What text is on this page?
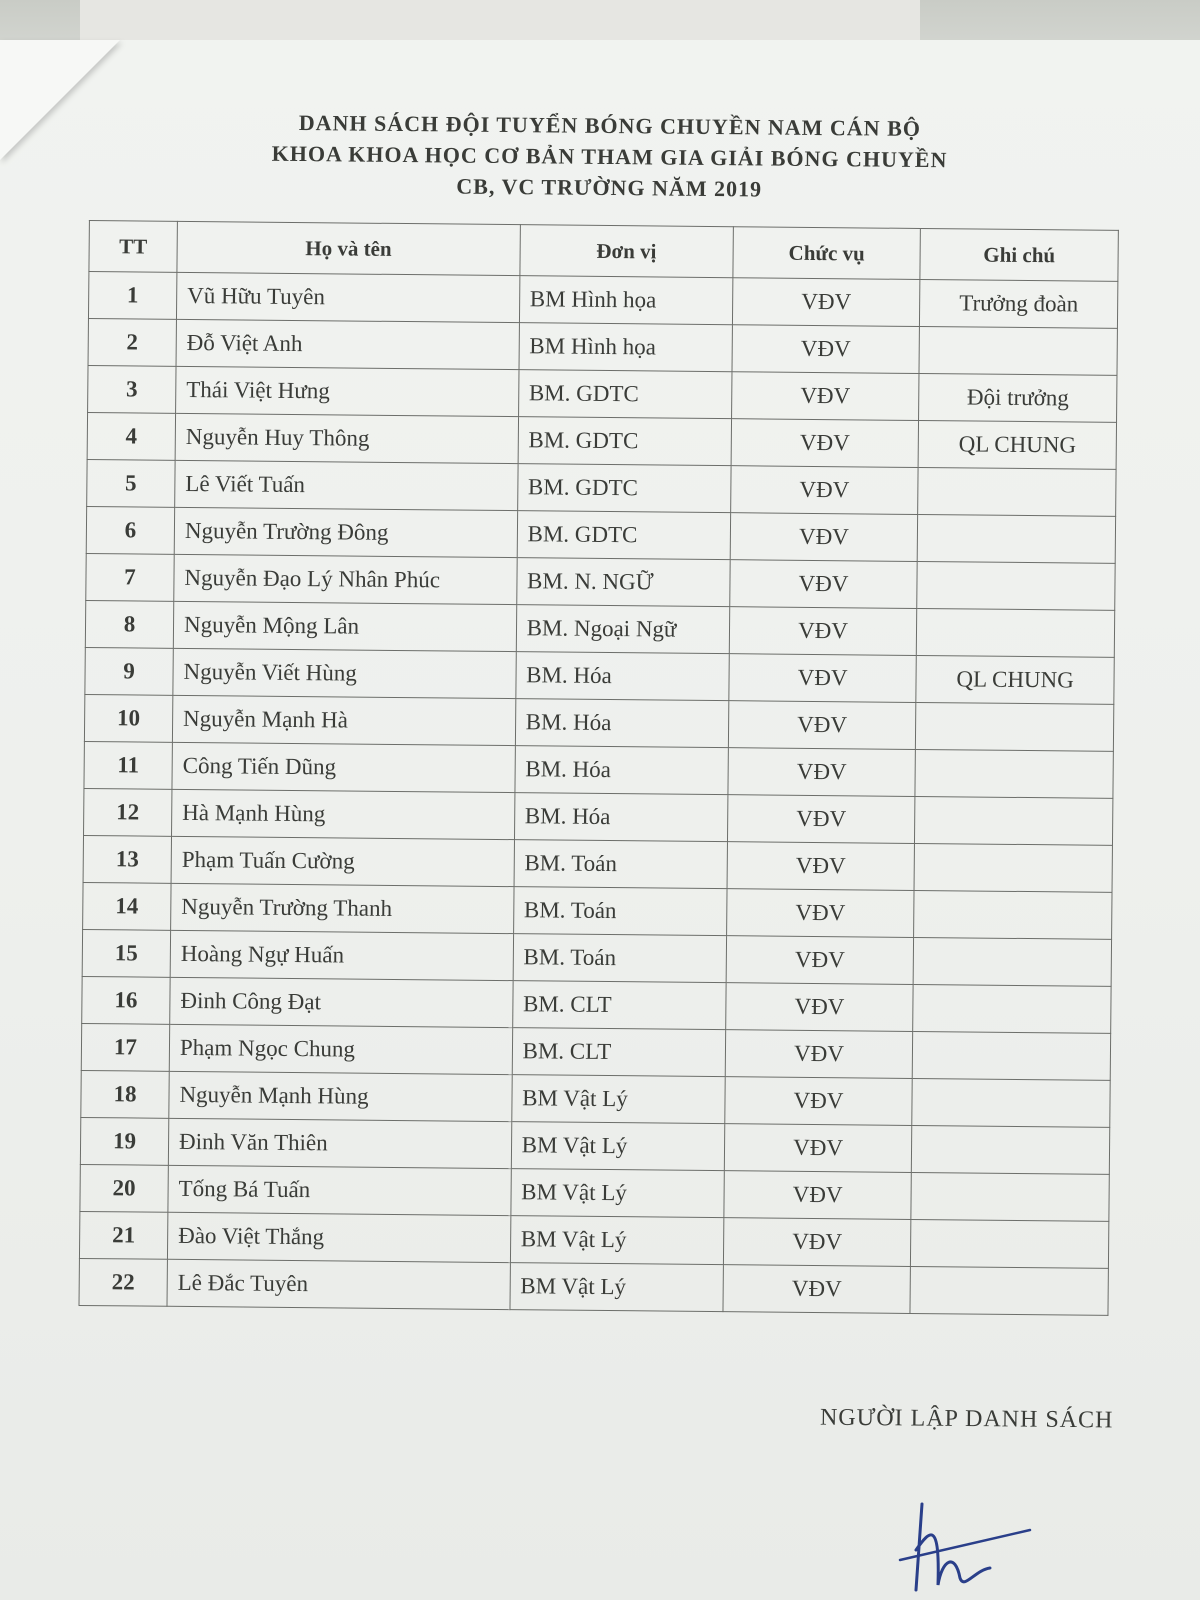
DANH SÁCH ĐỘI TUYỂN BÓNG CHUYỀN NAM CÁN BỘ
KHOA KHOA HỌC CƠ BẢN THAM GIA GIẢI BÓNG CHUYỀN
CB, VC TRƯỜNG NĂM 2019
TT	Họ và tên	Đơn vị	Chức vụ	Ghi chú
1	Vũ Hữu Tuyên	BM Hình họa	VĐV	Trưởng đoàn
2	Đỗ Việt Anh	BM Hình họa	VĐV	
3	Thái Việt Hưng	BM. GDTC	VĐV	Đội trưởng
4	Nguyễn Huy Thông	BM. GDTC	VĐV	QL CHUNG
5	Lê Viết Tuấn	BM. GDTC	VĐV	
6	Nguyễn Trường Đông	BM. GDTC	VĐV	
7	Nguyễn Đạo Lý Nhân Phúc	BM. N. NGỮ	VĐV	
8	Nguyễn Mộng Lân	BM. Ngoại Ngữ	VĐV	
9	Nguyễn Viết Hùng	BM. Hóa	VĐV	QL CHUNG
10	Nguyễn Mạnh Hà	BM. Hóa	VĐV	
11	Công Tiến Dũng	BM. Hóa	VĐV	
12	Hà Mạnh Hùng	BM. Hóa	VĐV	
13	Phạm Tuấn Cường	BM. Toán	VĐV	
14	Nguyễn Trường Thanh	BM. Toán	VĐV	
15	Hoàng Ngự Huấn	BM. Toán	VĐV	
16	Đinh Công Đạt	BM. CLT	VĐV	
17	Phạm Ngọc Chung	BM. CLT	VĐV	
18	Nguyễn Mạnh Hùng	BM Vật Lý	VĐV	
19	Đinh Văn Thiên	BM Vật Lý	VĐV	
20	Tống Bá Tuấn	BM Vật Lý	VĐV	
21	Đào Việt Thắng	BM Vật Lý	VĐV	
22	Lê Đắc Tuyên	BM Vật Lý	VĐV	
NGƯỜI LẬP DANH SÁCH
